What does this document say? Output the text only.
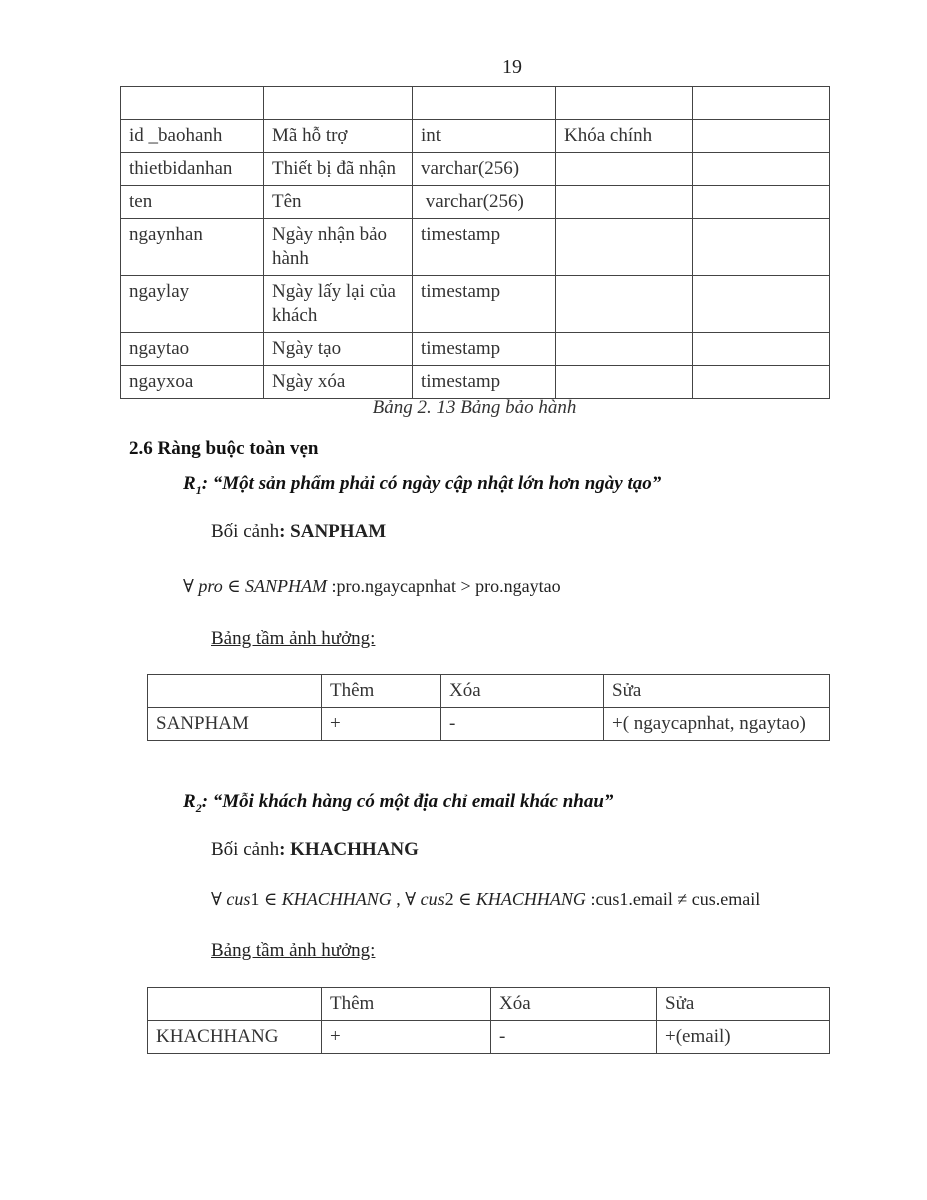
19

id _baohanh	Mã hỗ trợ	int	Khóa chính	
thietbidanhan	Thiết bị đã nhận	varchar(256)		
ten	Tên	varchar(256)		
ngaynhan	Ngày nhận bảo hành	timestamp		
ngaylay	Ngày lấy lại của khách	timestamp		
ngaytao	Ngày tạo	timestamp		
ngayxoa	Ngày xóa	timestamp		
Bảng 2. 13 Bảng bảo hành
2.6 Ràng buộc toàn vẹn
$R_1$: “Một sản phẩm phải có ngày cập nhật lớn hơn ngày tạo”
Bối cảnh: SANPHAM
∀ pro ∈ SANPHAM :pro.ngaycapnhat > pro.ngaytao
Bảng tầm ảnh hưởng:
	Thêm	Xóa	Sửa
SANPHAM	+	-	+( ngaycapnhat, ngaytao)
$R_2$: “Mỗi khách hàng có một địa chỉ email khác nhau”
Bối cảnh: KHACHHANG
∀ cus1 ∈ KHACHHANG , ∀ cus2 ∈ KHACHHANG :cus1.email ≠ cus.email
Bảng tầm ảnh hưởng:
	Thêm	Xóa	Sửa
KHACHHANG	+	-	+(email)
